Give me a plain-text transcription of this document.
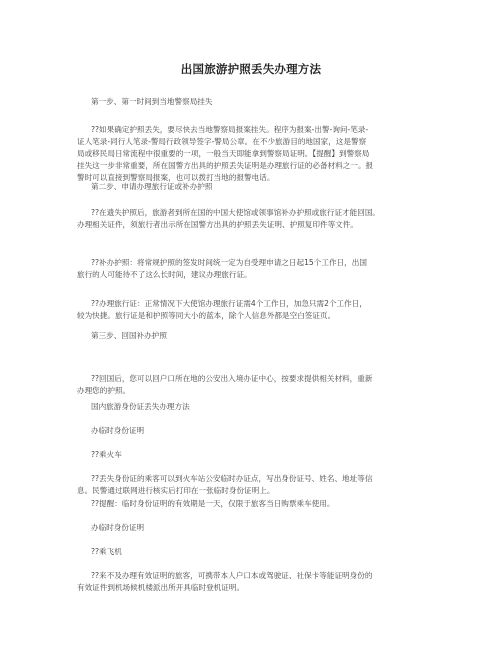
出国旅游护照丢失办理方法
第一步、第一时间到当地警察局挂失
??如果确定护照丢失，要尽快去当地警察局报案挂失。程序为报案-出警-询问-笔录-
证人笔录-同行人笔录-警局行政领导签字-警局公章。在不少旅游目的地国家，这是警察
局或移民局日常流程中很重要的一项，一般当天即能拿到警察局证明。【提醒】到警察局
挂失这一步非常重要，所在国警方出具的护照丢失证明是办理旅行证的必备材料之一。报
警时可以直接到警察局报案，也可以拨打当地的报警电话。
第二步、申请办理旅行证或补办护照
??在遗失护照后，旅游者到所在国的中国大使馆或领事馆补办护照或旅行证才能回国。
办理相关证件，须旅行者出示所在国警方出具的护照丢失证明、护照复印件等文件。
??补办护照：将常规护照的签发时间统一定为自受理申请之日起15个工作日，出国
旅行的人可能待不了这么长时间，建议办理旅行证。
??办理旅行证：正常情况下大使馆办理旅行证需4个工作日，加急只需2个工作日，
较为快捷。旅行证是和护照等同大小的蓝本，除个人信息外都是空白签证页。
第三步、回国补办护照
??回国后，您可以回户口所在地的公安出入境办证中心，按要求提供相关材料，重新
办理您的护照。
国内旅游身份证丢失办理方法
办临时身份证明
??乘火车
??丢失身份证的乘客可以到火车站公安临时办证点，写出身份证号、姓名、地址等信
息。民警通过联网进行核实后打印在一张临时身份证明上。
??提醒：临时身份证明的有效期是一天，仅限于旅客当日购票乘车使用。
办临时身份证明
??乘飞机
??来不及办理有效证明的旅客，可携带本人户口本或驾驶证、社保卡等能证明身份的
有效证件到机场候机楼派出所开具临时登机证明。
